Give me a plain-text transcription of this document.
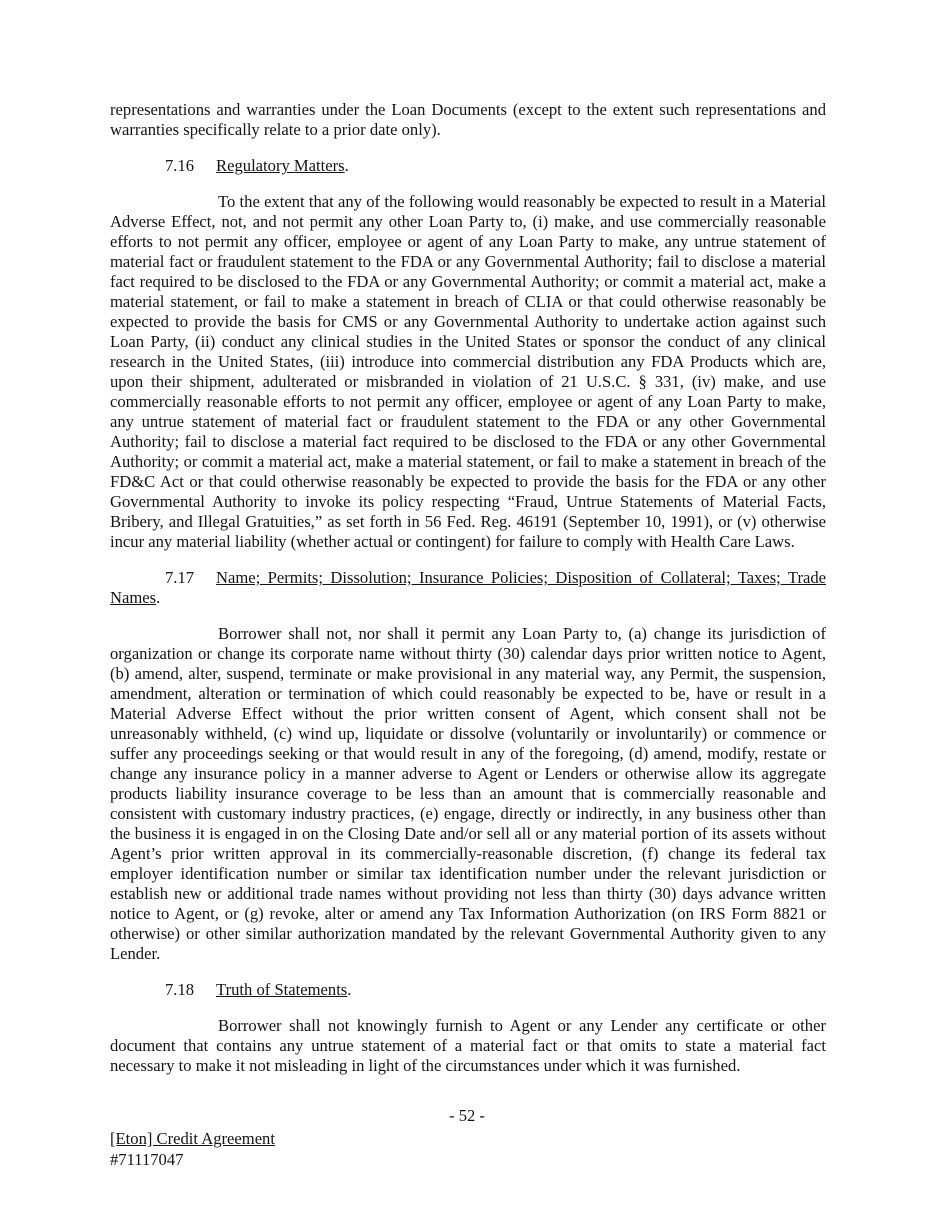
representations and warranties under the Loan Documents (except to the extent such representations and warranties specifically relate to a prior date only).

7.16 Regulatory Matters.

To the extent that any of the following would reasonably be expected to result in a Material Adverse Effect, not, and not permit any other Loan Party to, (i) make, and use commercially reasonable efforts to not permit any officer, employee or agent of any Loan Party to make, any untrue statement of material fact or fraudulent statement to the FDA or any Governmental Authority; fail to disclose a material fact required to be disclosed to the FDA or any Governmental Authority; or commit a material act, make a material statement, or fail to make a statement in breach of CLIA or that could otherwise reasonably be expected to provide the basis for CMS or any Governmental Authority to undertake action against such Loan Party, (ii) conduct any clinical studies in the United States or sponsor the conduct of any clinical research in the United States, (iii) introduce into commercial distribution any FDA Products which are, upon their shipment, adulterated or misbranded in violation of 21 U.S.C. § 331, (iv) make, and use commercially reasonable efforts to not permit any officer, employee or agent of any Loan Party to make, any untrue statement of material fact or fraudulent statement to the FDA or any other Governmental Authority; fail to disclose a material fact required to be disclosed to the FDA or any other Governmental Authority; or commit a material act, make a material statement, or fail to make a statement in breach of the FD&C Act or that could otherwise reasonably be expected to provide the basis for the FDA or any other Governmental Authority to invoke its policy respecting “Fraud, Untrue Statements of Material Facts, Bribery, and Illegal Gratuities,” as set forth in 56 Fed. Reg. 46191 (September 10, 1991), or (v) otherwise incur any material liability (whether actual or contingent) for failure to comply with Health Care Laws.

7.17 Name; Permits; Dissolution; Insurance Policies; Disposition of Collateral; Taxes; Trade Names.

Borrower shall not, nor shall it permit any Loan Party to, (a) change its jurisdiction of organization or change its corporate name without thirty (30) calendar days prior written notice to Agent, (b) amend, alter, suspend, terminate or make provisional in any material way, any Permit, the suspension, amendment, alteration or termination of which could reasonably be expected to be, have or result in a Material Adverse Effect without the prior written consent of Agent, which consent shall not be unreasonably withheld, (c) wind up, liquidate or dissolve (voluntarily or involuntarily) or commence or suffer any proceedings seeking or that would result in any of the foregoing, (d) amend, modify, restate or change any insurance policy in a manner adverse to Agent or Lenders or otherwise allow its aggregate products liability insurance coverage to be less than an amount that is commercially reasonable and consistent with customary industry practices, (e) engage, directly or indirectly, in any business other than the business it is engaged in on the Closing Date and/or sell all or any material portion of its assets without Agent’s prior written approval in its commercially-reasonable discretion, (f) change its federal tax employer identification number or similar tax identification number under the relevant jurisdiction or establish new or additional trade names without providing not less than thirty (30) days advance written notice to Agent, or (g) revoke, alter or amend any Tax Information Authorization (on IRS Form 8821 or otherwise) or other similar authorization mandated by the relevant Governmental Authority given to any Lender.

7.18 Truth of Statements.

Borrower shall not knowingly furnish to Agent or any Lender any certificate or other document that contains any untrue statement of a material fact or that omits to state a material fact necessary to make it not misleading in light of the circumstances under which it was furnished.

- 52 -
[Eton] Credit Agreement
#71117047
